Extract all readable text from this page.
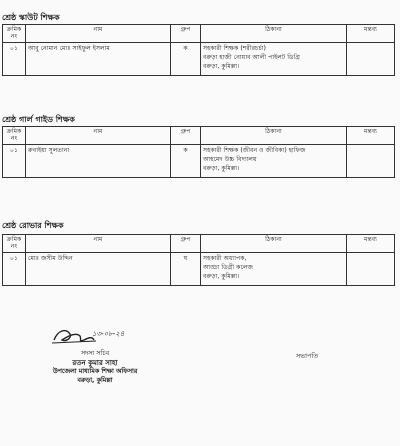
শ্রেষ্ঠ স্কাউট শিক্ষক
ক্রমিক নং	নাম	গ্রুপ	ঠিকানা	মন্তব্য
০১	আবু নোমান মোঃ সাইফুল ইসলাম	ক	সহকারী শিক্ষক (শরীরচর্চা)
বরুড়া হাজী নোয়াব আলী পাইলট ডিগ্রি
বরুড়া, কুমিল্লা।	

শ্রেষ্ঠ গার্ল গাইড শিক্ষক
ক্রমিক নং	নাম	গ্রুপ	ঠিকানা	মন্তব্য
০১	রুবাইয়া সুলতানা	ক	সহকারী শিক্ষক (জীবন ও জীবিকা) হাফিজ
আহমেদ উচ্চ বিদ্যালয়
বরুড়া, কুমিল্লা।	

শ্রেষ্ঠ রোভার শিক্ষক
ক্রমিক নং	নাম	গ্রুপ	ঠিকানা	মন্তব্য
০১	মোঃ জসীম উদ্দিন	ঘ	সহকারী অধ্যাপক,
আড্ডা ডিগ্রী কলেজ
বরুড়া, কুমিল্লা।	

১৩-০৮-২৪
সদস্য সচিব
রতন কুমার সাহা
উপজেলা মাধ্যমিক শিক্ষা অফিসার
বরুড়া, কুমিল্লা
সভাপতি
